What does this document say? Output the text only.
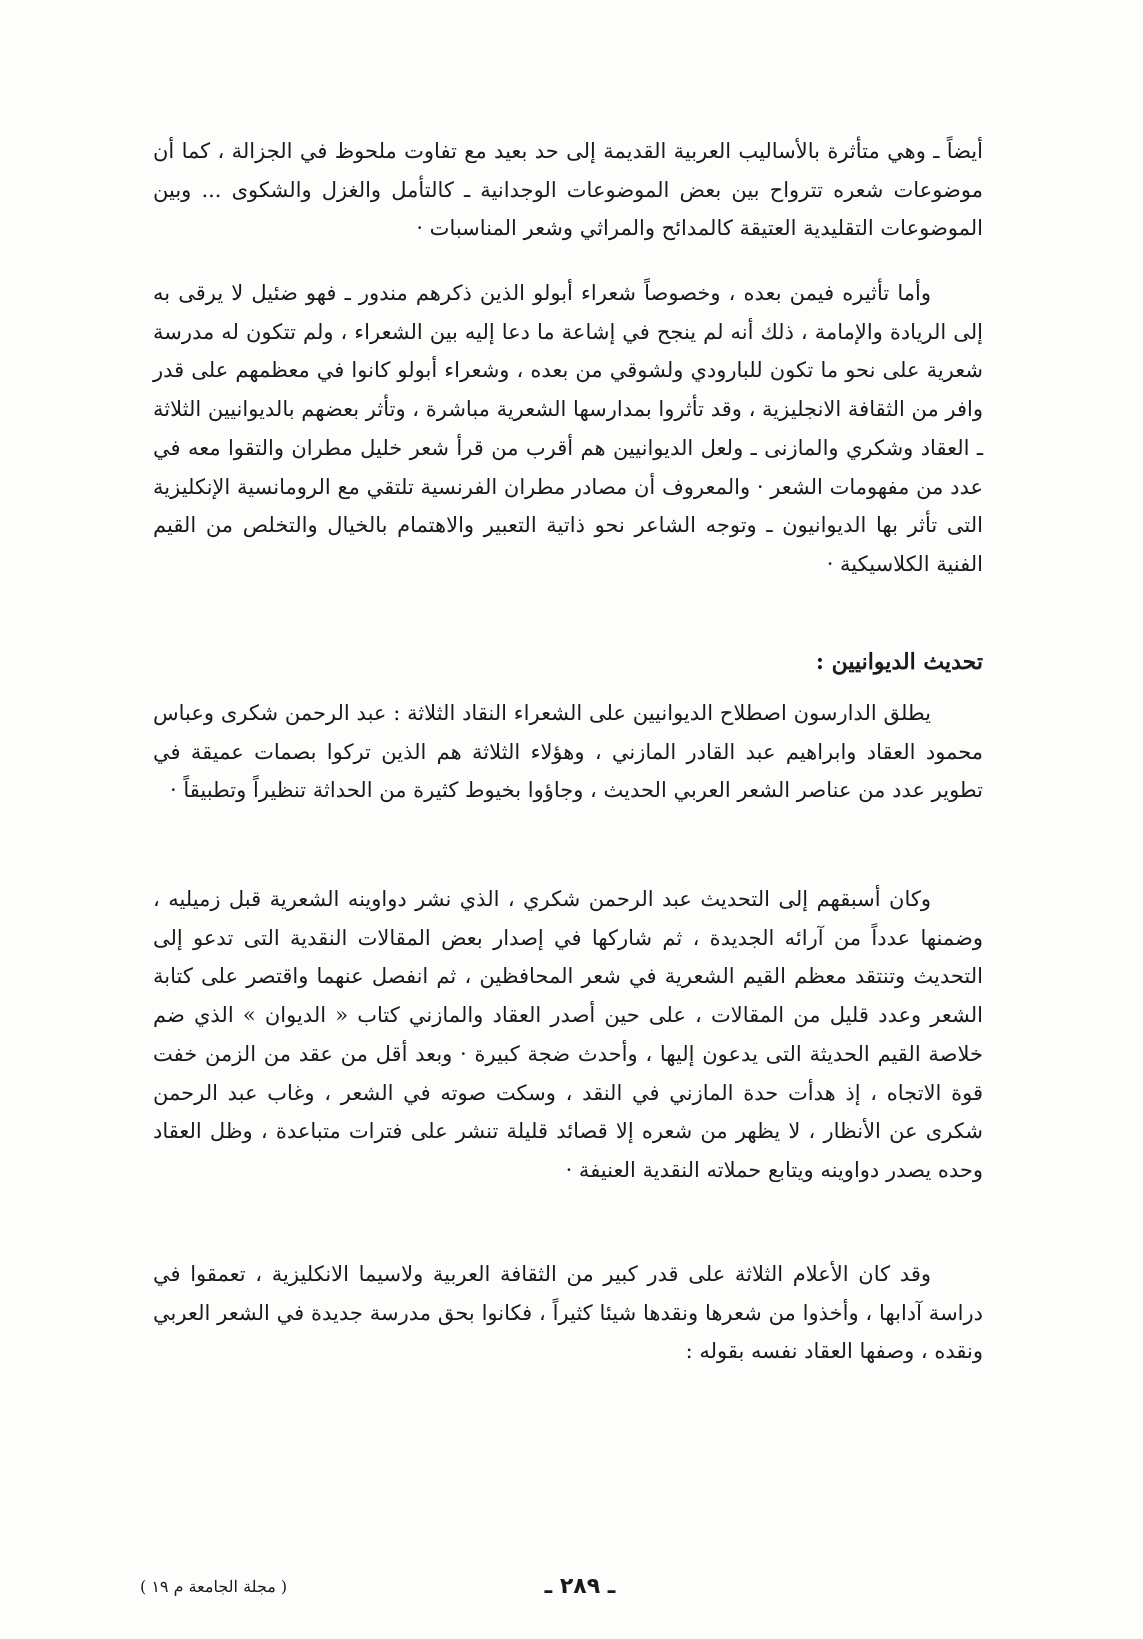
أيضاً ـ وهي متأثرة بالأساليب العربية القديمة إلى حد بعيد مع تفاوت ملحوظ في الجزالة ، كما أن موضوعات شعره تترواح بين بعض الموضوعات الوجدانية ـ كالتأمل والغزل والشكوى ... وبين الموضوعات التقليدية العتيقة كالمدائح والمراثي وشعر المناسبات ·

وأما تأثيره فيمن بعده ، وخصوصاً شعراء أبولو الذين ذكرهم مندور ـ فهو ضئيل لا يرقى به إلى الريادة والإمامة ، ذلك أنه لم ينجح في إشاعة ما دعا إليه بين الشعراء ، ولم تتكون له مدرسة شعرية على نحو ما تكون للبارودي ولشوقي من بعده ، وشعراء أبولو كانوا في معظمهم على قدر وافر من الثقافة الانجليزية ، وقد تأثروا بمدارسها الشعرية مباشرة ، وتأثر بعضهم بالديوانيين الثلاثة ـ العقاد وشكري والمازنى ـ ولعل الديوانيين هم أقرب من قرأ شعر خليل مطران والتقوا معه في عدد من مفهومات الشعر · والمعروف أن مصادر مطران الفرنسية تلتقي مع الرومانسية الإنكليزية التى تأثر بها الديوانيون ـ وتوجه الشاعر نحو ذاتية التعبير والاهتمام بالخيال والتخلص من القيم الفنية الكلاسيكية ·

تحديث الديوانيين :

يطلق الدارسون اصطلاح الديوانيين على الشعراء النقاد الثلاثة : عبد الرحمن شكرى وعباس محمود العقاد وابراهيم عبد القادر المازني ، وهؤلاء الثلاثة هم الذين تركوا بصمات عميقة في تطوير عدد من عناصر الشعر العربي الحديث ، وجاؤوا بخيوط كثيرة من الحداثة تنظيراً وتطبيقاً ·

وكان أسبقهم إلى التحديث عبد الرحمن شكري ، الذي نشر دواوينه الشعرية قبل زميليه ، وضمنها عدداً من آرائه الجديدة ، ثم شاركها في إصدار بعض المقالات النقدية التى تدعو إلى التحديث وتنتقد معظم القيم الشعرية في شعر المحافظين ، ثم انفصل عنهما واقتصر على كتابة الشعر وعدد قليل من المقالات ، على حين أصدر العقاد والمازني كتاب « الديوان » الذي ضم خلاصة القيم الحديثة التى يدعون إليها ، وأحدث ضجة كبيرة · وبعد أقل من عقد من الزمن خفت قوة الاتجاه ، إذ هدأت حدة المازني في النقد ، وسكت صوته في الشعر ، وغاب عبد الرحمن شكرى عن الأنظار ، لا يظهر من شعره إلا قصائد قليلة تنشر على فترات متباعدة ، وظل العقاد وحده يصدر دواوينه ويتابع حملاته النقدية العنيفة ·

وقد كان الأعلام الثلاثة على قدر كبير من الثقافة العربية ولاسيما الانكليزية ، تعمقوا في دراسة آدابها ، وأخذوا من شعرها ونقدها شيئا كثيراً ، فكانوا بحق مدرسة جديدة في الشعر العربي ونقده ، وصفها العقاد نفسه بقوله :

( مجلة الجامعة م ١٩ )	ـ ٢٨٩ ـ
